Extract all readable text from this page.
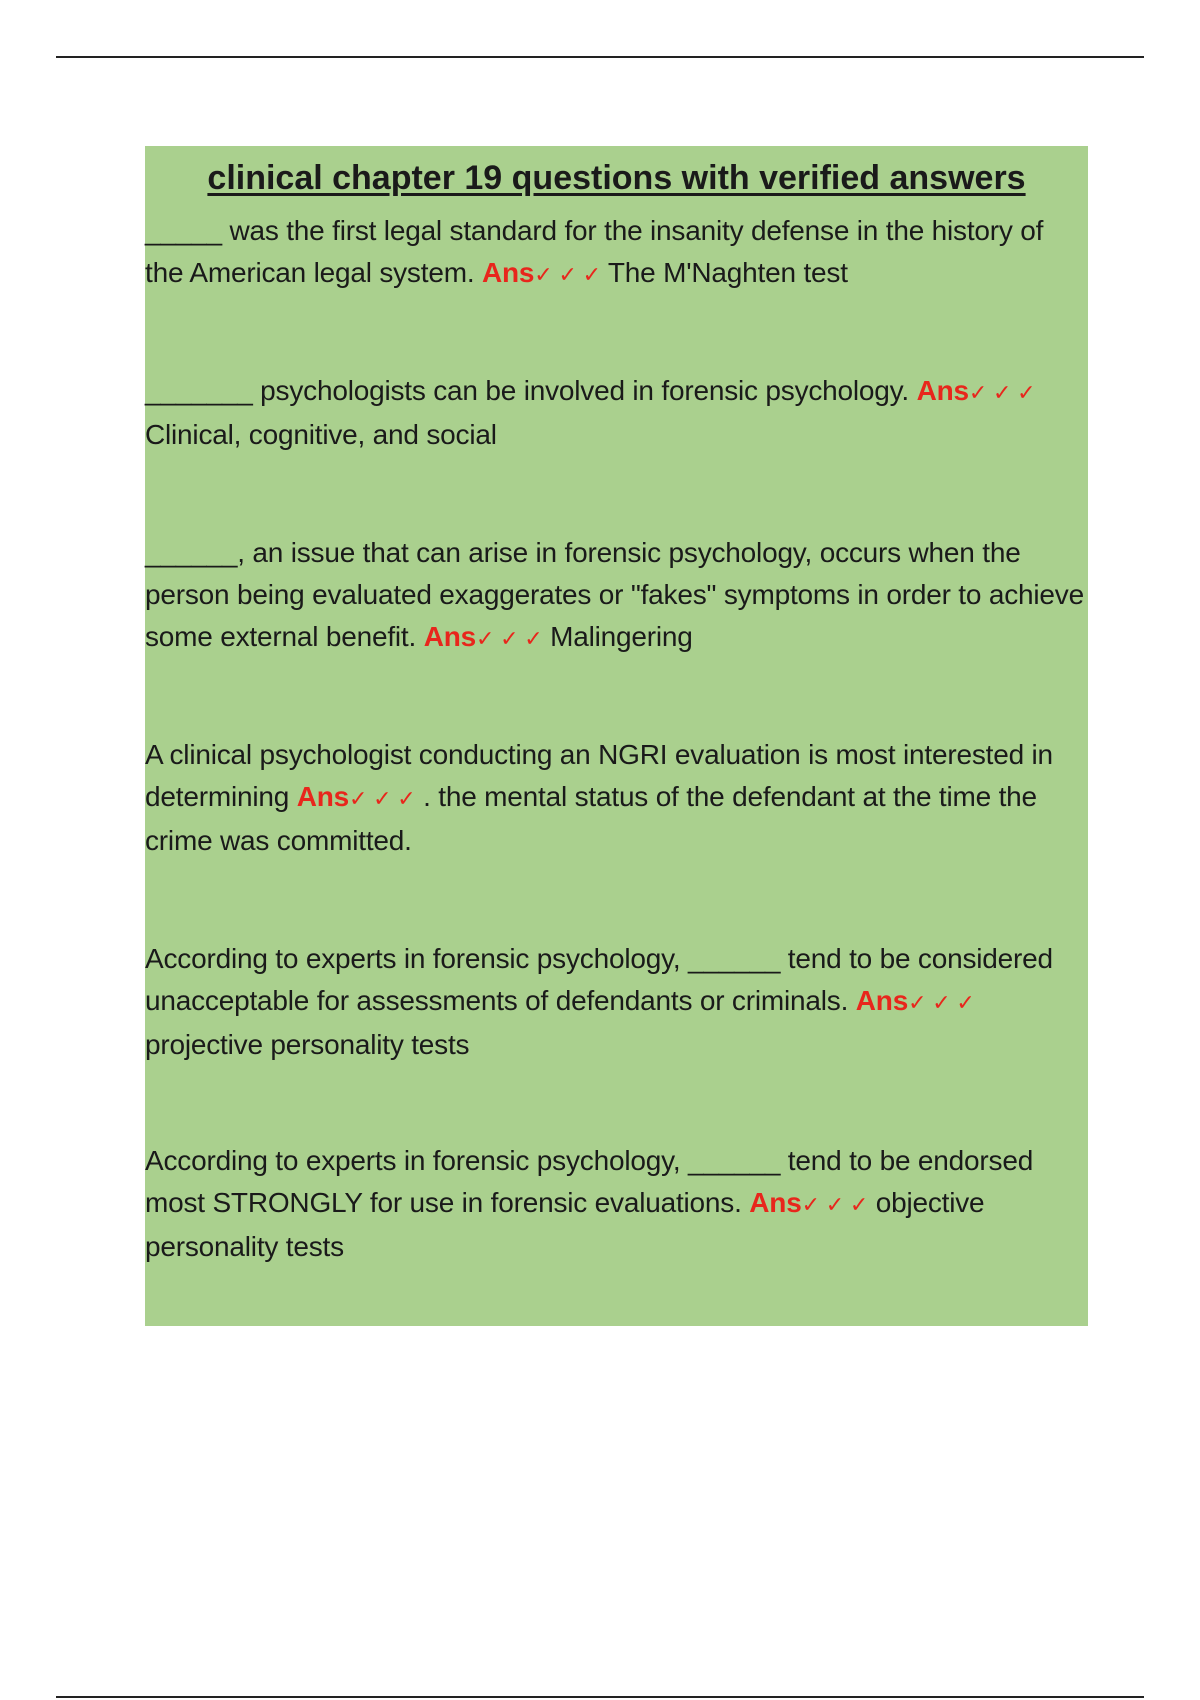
clinical chapter 19 questions with verified answers

_____ was the first legal standard for the insanity defense in the history of the American legal system. Ans✓ ✓ ✓ The M'Naghten test

_______ psychologists can be involved in forensic psychology. Ans✓ ✓ ✓ Clinical, cognitive, and social

______, an issue that can arise in forensic psychology, occurs when the person being evaluated exaggerates or "fakes" symptoms in order to achieve some external benefit. Ans✓ ✓ ✓ Malingering

A clinical psychologist conducting an NGRI evaluation is most interested in determining Ans✓ ✓ ✓ . the mental status of the defendant at the time the crime was committed.

According to experts in forensic psychology, ______ tend to be considered unacceptable for assessments of defendants or criminals. Ans✓ ✓ ✓ projective personality tests

According to experts in forensic psychology, ______ tend to be endorsed most STRONGLY for use in forensic evaluations. Ans✓ ✓ ✓ objective personality tests
